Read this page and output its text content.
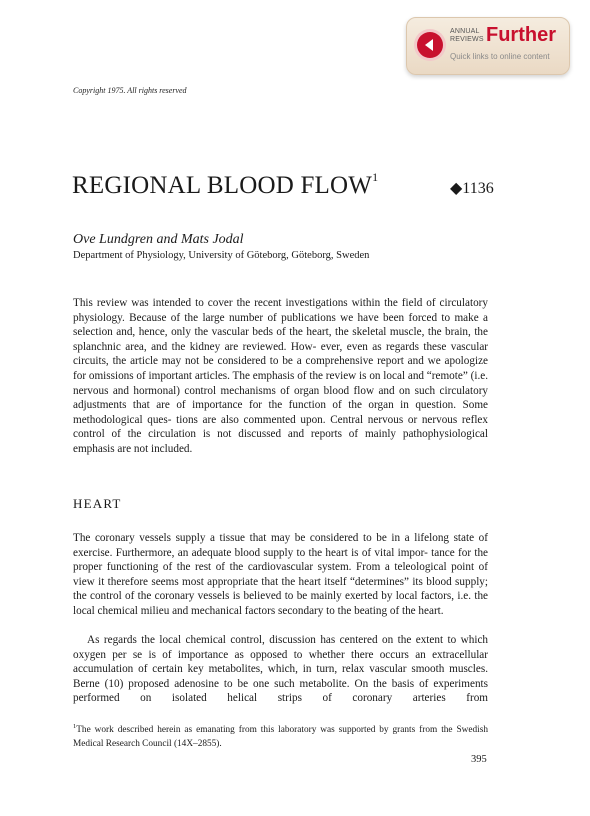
ANNUAL
REVIEWS Further
Quick links to online content
Copyright 1975. All rights reserved
REGIONAL BLOOD FLOW$^1$
◆1136
Ove Lundgren and Mats Jodal
Department of Physiology, University of Göteborg, Göteborg, Sweden

This review was intended to cover the recent investigations within the field of circulatory physiology. Because of the large number of publications we have been forced to make a selection and, hence, only the vascular beds of the heart, the skeletal muscle, the brain, the splanchnic area, and the kidney are reviewed. How- ever, even as regards these vascular circuits, the article may not be considered to be a comprehensive report and we apologize for omissions of important articles. The emphasis of the review is on local and “remote” (i.e. nervous and hormonal) control mechanisms of organ blood flow and on such circulatory adjustments that are of importance for the function of the organ in question. Some methodological ques- tions are also commented upon. Central nervous or nervous reflex control of the circulation is not discussed and reports of mainly pathophysiological emphasis are not included.

HEART

The coronary vessels supply a tissue that may be considered to be in a lifelong state of exercise. Furthermore, an adequate blood supply to the heart is of vital impor- tance for the proper functioning of the rest of the cardiovascular system. From a teleological point of view it therefore seems most appropriate that the heart itself “determines” its blood supply; the control of the coronary vessels is believed to be mainly exerted by local factors, i.e. the local chemical milieu and mechanical factors secondary to the beating of the heart.

As regards the local chemical control, discussion has centered on the extent to which oxygen per se is of importance as opposed to whether there occurs an extracellular accumulation of certain key metabolites, which, in turn, relax vascular smooth muscles. Berne (10) proposed adenosine to be one such metabolite. On the basis of experiments performed on isolated helical strips of coronary arteries from

$^1$The work described herein as emanating from this laboratory was supported by grants from the Swedish Medical Research Council (14X–2855).

395
